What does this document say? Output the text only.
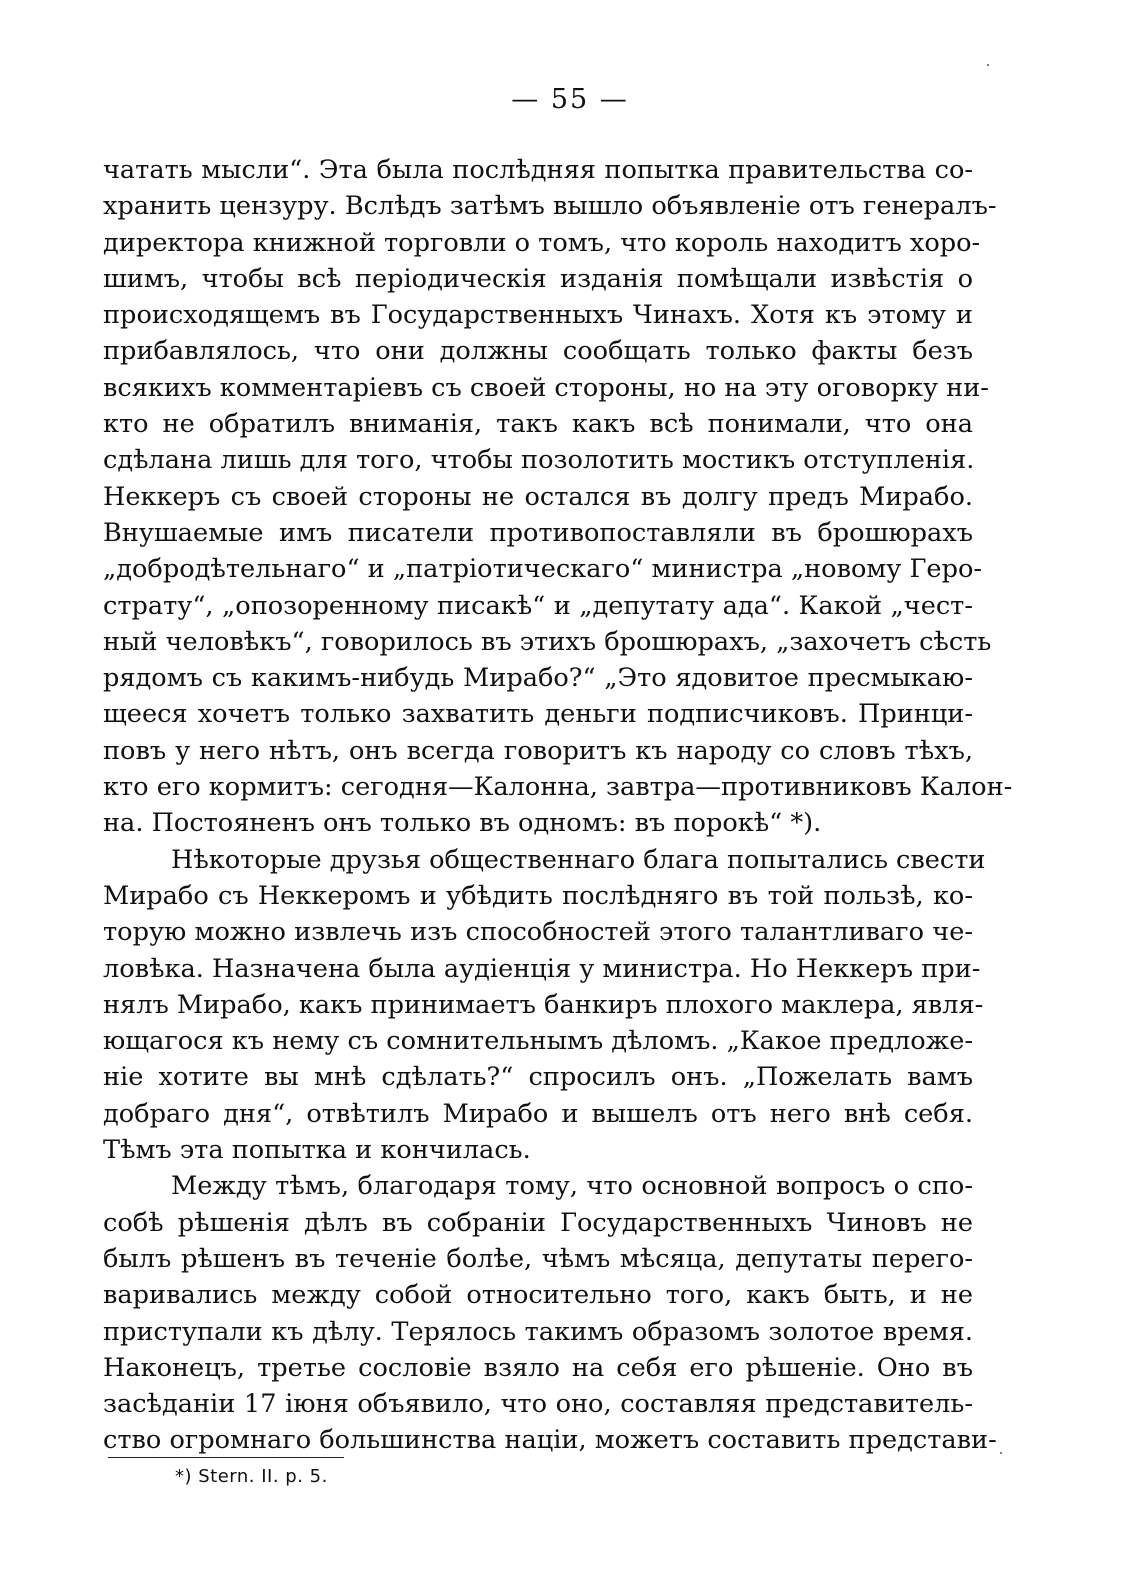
— 55 —
чатать мысли“. Эта была послѣдняя попытка правительства со-
хранить цензуру. Вслѣдъ затѣмъ вышло объявленіе отъ генералъ-
директора книжной торговли о томъ, что король находитъ хоро-
шимъ, чтобы всѣ періодическія изданія помѣщали извѣстія о
происходящемъ въ Государственныхъ Чинахъ. Хотя къ этому и
прибавлялось, что они должны сообщать только факты безъ
всякихъ комментаріевъ съ своей стороны, но на эту оговорку ни-
кто не обратилъ вниманія, такъ какъ всѣ понимали, что она
сдѣлана лишь для того, чтобы позолотить мостикъ отступленія.
Неккеръ съ своей стороны не остался въ долгу предъ Мирабо.
Внушаемые имъ писатели противопоставляли въ брошюрахъ
„добродѣтельнаго“ и „патріотическаго“ министра „новому Геро-
страту“, „опозоренному писакѣ“ и „депутату ада“. Какой „чест-
ный человѣкъ“, говорилось въ этихъ брошюрахъ, „захочетъ сѣсть
рядомъ съ какимъ-нибудь Мирабо?“ „Это ядовитое пресмыкаю-
щееся хочетъ только захватить деньги подписчиковъ. Принци-
повъ у него нѣтъ, онъ всегда говоритъ къ народу со словъ тѣхъ,
кто его кормитъ: сегодня—Калонна, завтра—противниковъ Калон-
на. Постояненъ онъ только въ одномъ: въ порокѣ“ *).
Нѣкоторые друзья общественнаго блага попытались свести
Мирабо съ Неккеромъ и убѣдить послѣдняго въ той пользѣ, ко-
торую можно извлечь изъ способностей этого талантливаго че-
ловѣка. Назначена была аудіенція у министра. Но Неккеръ при-
нялъ Мирабо, какъ принимаетъ банкиръ плохого маклера, явля-
ющагося къ нему съ сомнительнымъ дѣломъ. „Какое предложе-
ніе хотите вы мнѣ сдѣлать?“ спросилъ онъ. „Пожелать вамъ
добраго дня“, отвѣтилъ Мирабо и вышелъ отъ него внѣ себя.
Тѣмъ эта попытка и кончилась.
Между тѣмъ, благодаря тому, что основной вопросъ о спо-
собѣ рѣшенія дѣлъ въ собраніи Государственныхъ Чиновъ не
былъ рѣшенъ въ теченіе болѣе, чѣмъ мѣсяца, депутаты перего-
варивались между собой относительно того, какъ быть, и не
приступали къ дѣлу. Терялось такимъ образомъ золотое время.
Наконецъ, третье сословіе взяло на себя его рѣшеніе. Оно въ
засѣданіи 17 іюня объявило, что оно, составляя представитель-
ство огромнаго большинства націи, можетъ составить представи-
*) Stern. II. p. 5.
